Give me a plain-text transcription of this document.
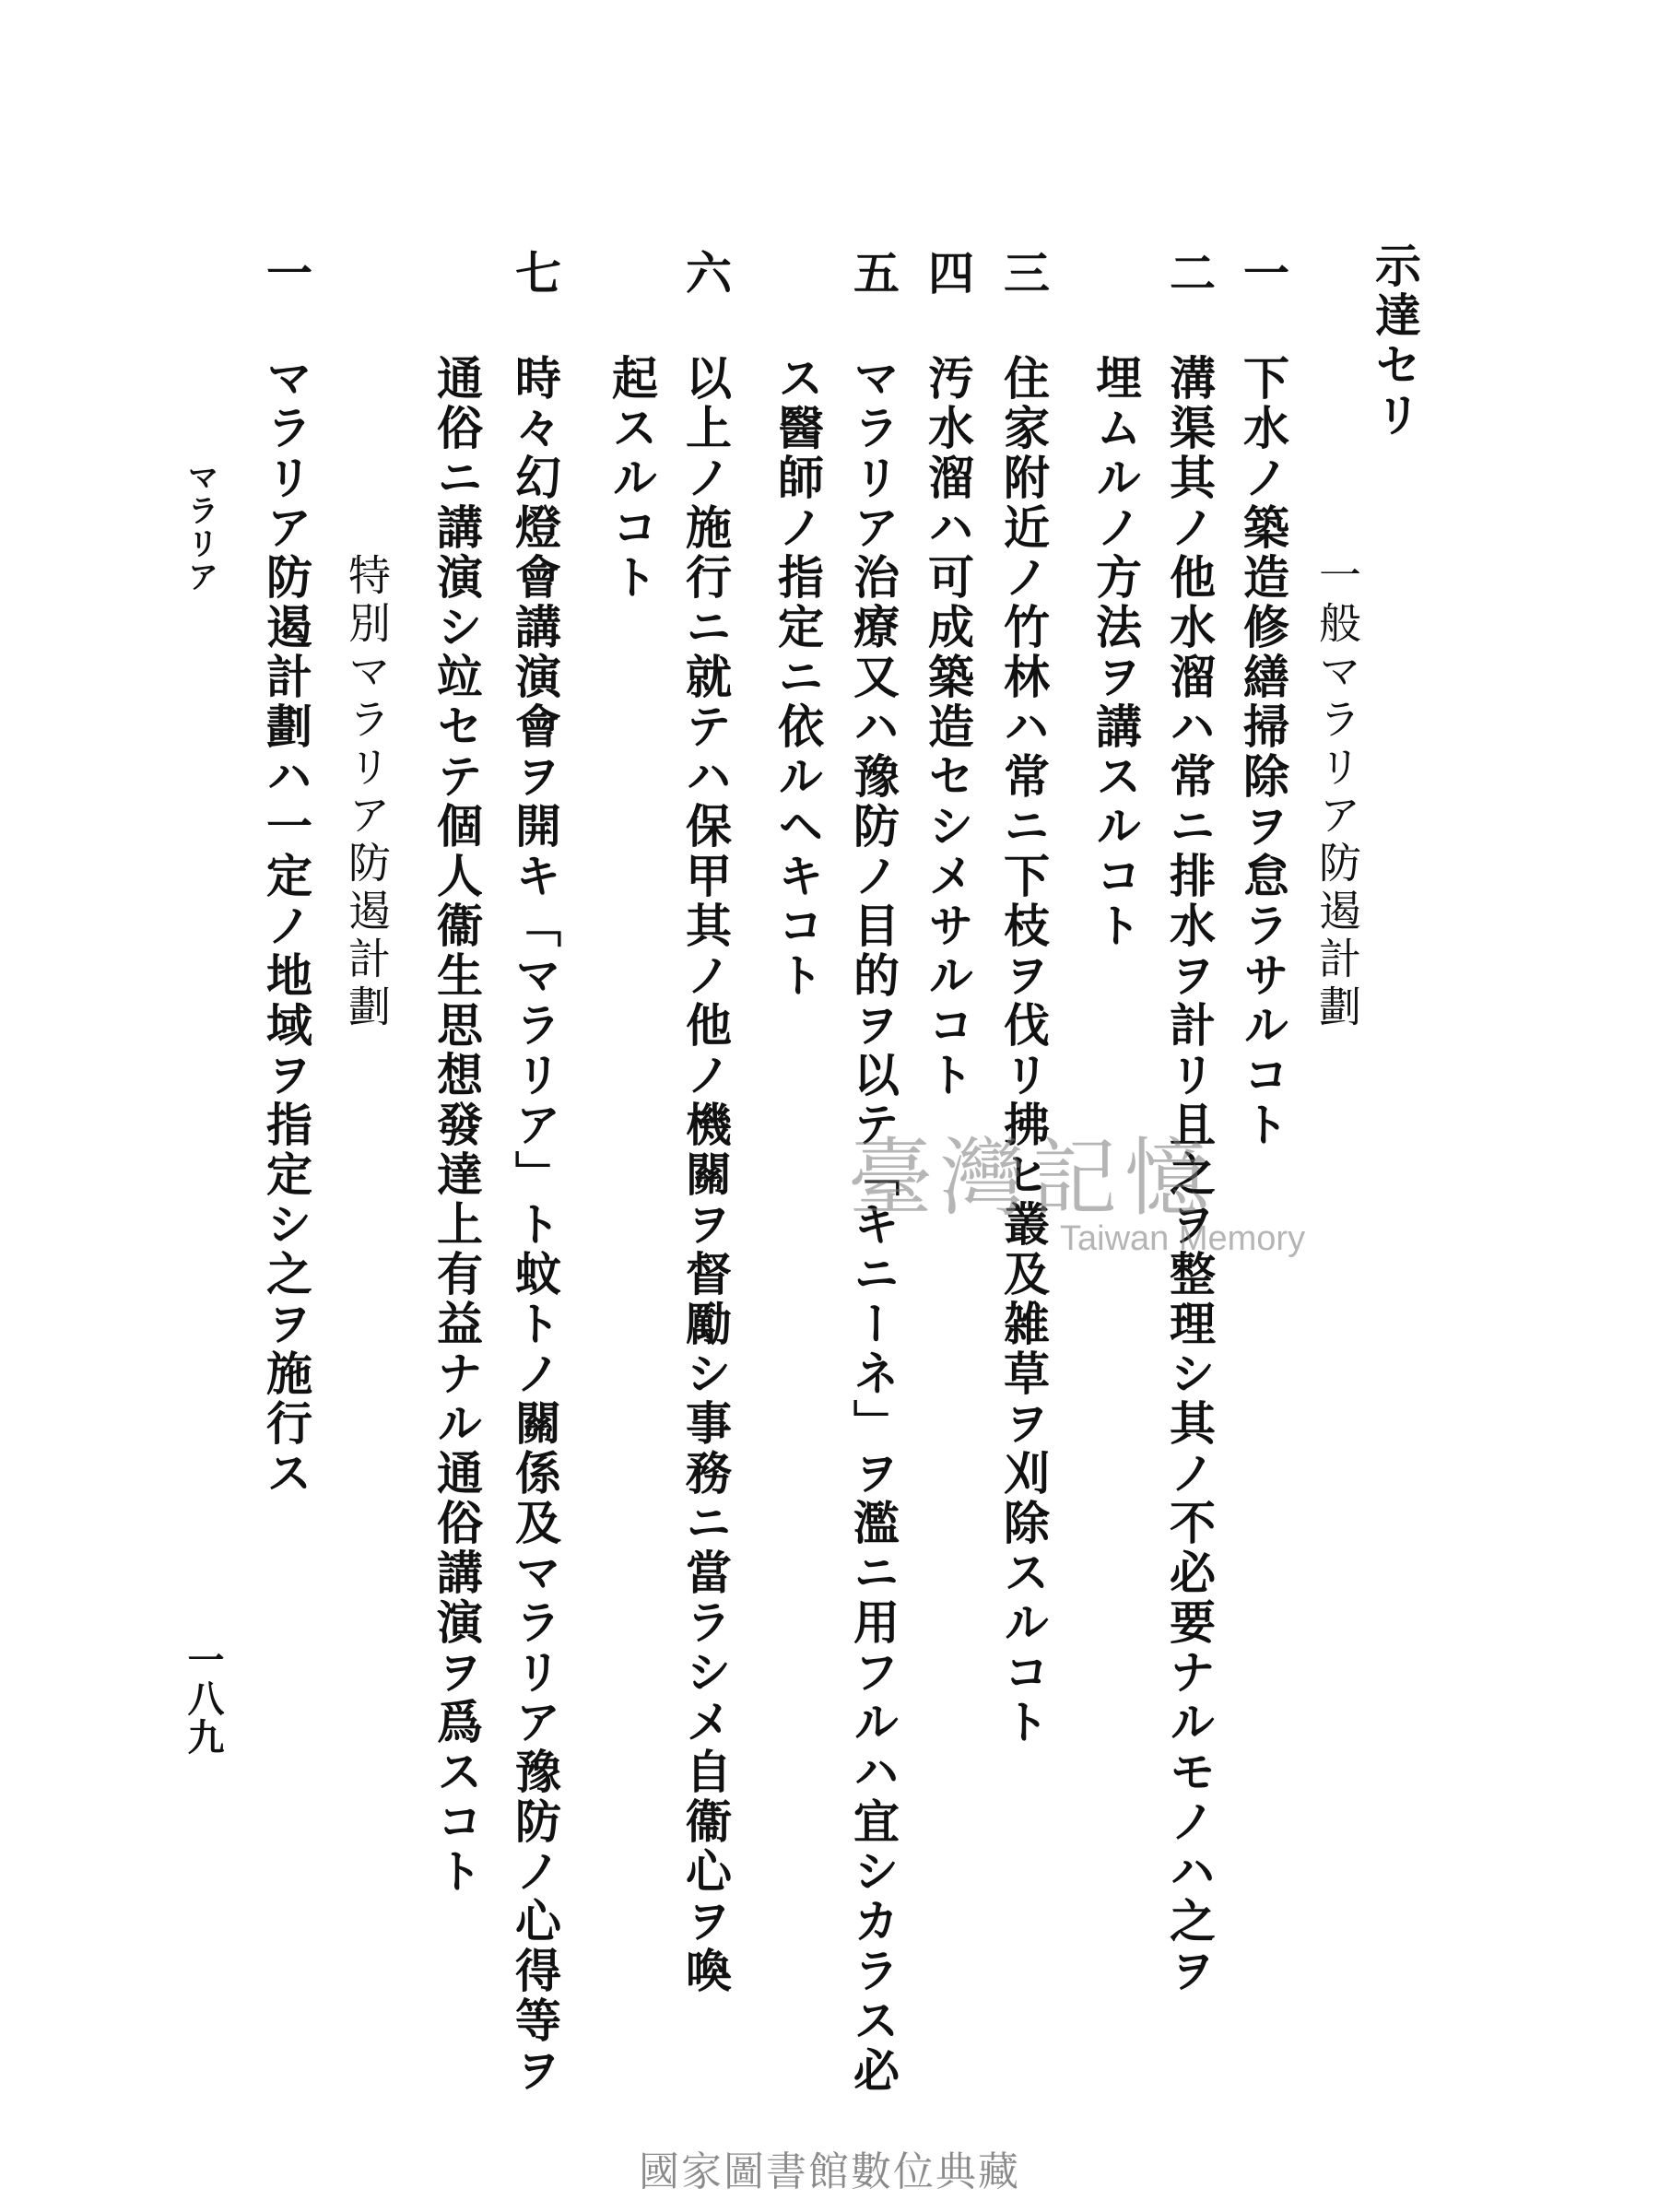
示達セリ
一般マラリア防遏計劃
一
下水ノ築造修繕掃除ヲ怠ラサルコト
二
溝渠其ノ他水溜ハ常ニ排水ヲ計リ且之ヲ整理シ其ノ不必要ナルモノハ之ヲ
埋ムルノ方法ヲ講スルコト
三
住家附近ノ竹林ハ常ニ下枝ヲ伐リ拂ヒ叢及雑草ヲ刈除スルコト
四
汚水溜ハ可成築造セシメサルコト
五
マラリア治療又ハ豫防ノ目的ヲ以テ「キニーネ」ヲ濫ニ用フルハ宜シカラス必
ス醫師ノ指定ニ依ルヘキコト
六
以上ノ施行ニ就テハ保甲其ノ他ノ機關ヲ督勵シ事務ニ當ラシメ自衞心ヲ喚
起スルコト
七
時々幻燈會講演會ヲ開キ「マラリア」ト蚊トノ關係及マラリア豫防ノ心得等ヲ
通俗ニ講演シ竝セテ個人衞生思想發達上有益ナル通俗講演ヲ爲スコト
特別マラリア防遏計劃
一
マラリア防遏計劃ハ一定ノ地域ヲ指定シ之ヲ施行ス
マラリア
一八九
臺灣記憶
Taiwan Memory
國家圖書館數位典藏
